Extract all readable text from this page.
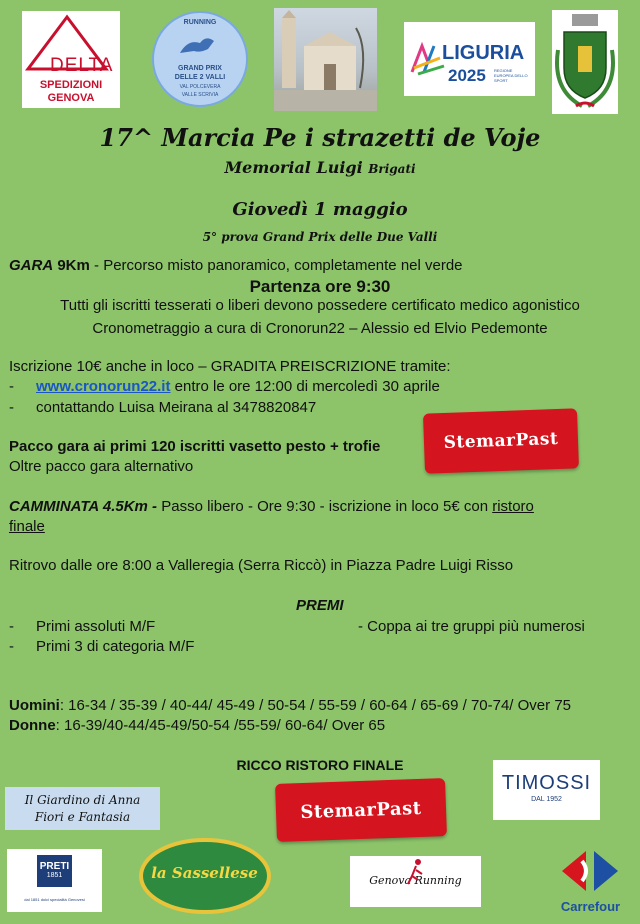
DELTA
SPEDIZIONI
GENOVA
RUNNING
GRAND PRIX
DELLE 2 VALLI
VAL POLCEVERA
VALLE SCRIVIA
LIGURIA
2025 REGIONE EUROPEA DELLO SPORT
17^ Marcia Pe i strazetti de Voje
Memorial Luigi Brigati
Giovedì 1 maggio
5° prova Grand Prix delle Due Valli
GARA 9Km - Percorso misto panoramico, completamente nel verde
Partenza ore 9:30
Tutti gli iscritti tesserati o liberi devono possedere certificato medico agonistico
Cronometraggio a cura di Cronorun22 – Alessio ed Elvio Pedemonte
Iscrizione 10€ anche in loco – GRADITA PREISCRIZIONE tramite:
- www.cronorun22.it entro le ore 12:00 di mercoledì 30 aprile
- contattando Luisa Meirana al 3478820847
Pacco gara ai primi 120 iscritti vasetto pesto + trofie
Oltre pacco gara alternativo
StemarPast
CAMMINATA 4.5Km - Passo libero - Ore 9:30 - iscrizione in loco 5€ con ristoro
finale
Ritrovo dalle ore 8:00 a Valleregia (Serra Riccò) in Piazza Padre Luigi Risso
PREMI
- Primi assoluti M/F	- Coppa ai tre gruppi più numerosi
- Primi 3 di categoria M/F
Uomini: 16-34 / 35-39 / 40-44/ 45-49 / 50-54 / 55-59 / 60-64 / 65-69 / 70-74/ Over 75
Donne: 16-39/40-44/45-49/50-54 /55-59/ 60-64/ Over 65
RICCO RISTORO FINALE
Il Giardino di Anna
Fiori e Fantasia	StemarPast
TIMOSSI
DAL 1952
PRETI
1851
dal 1851 dolci specialità Genovesi
la Sassellese	Genova Running
Carrefour
